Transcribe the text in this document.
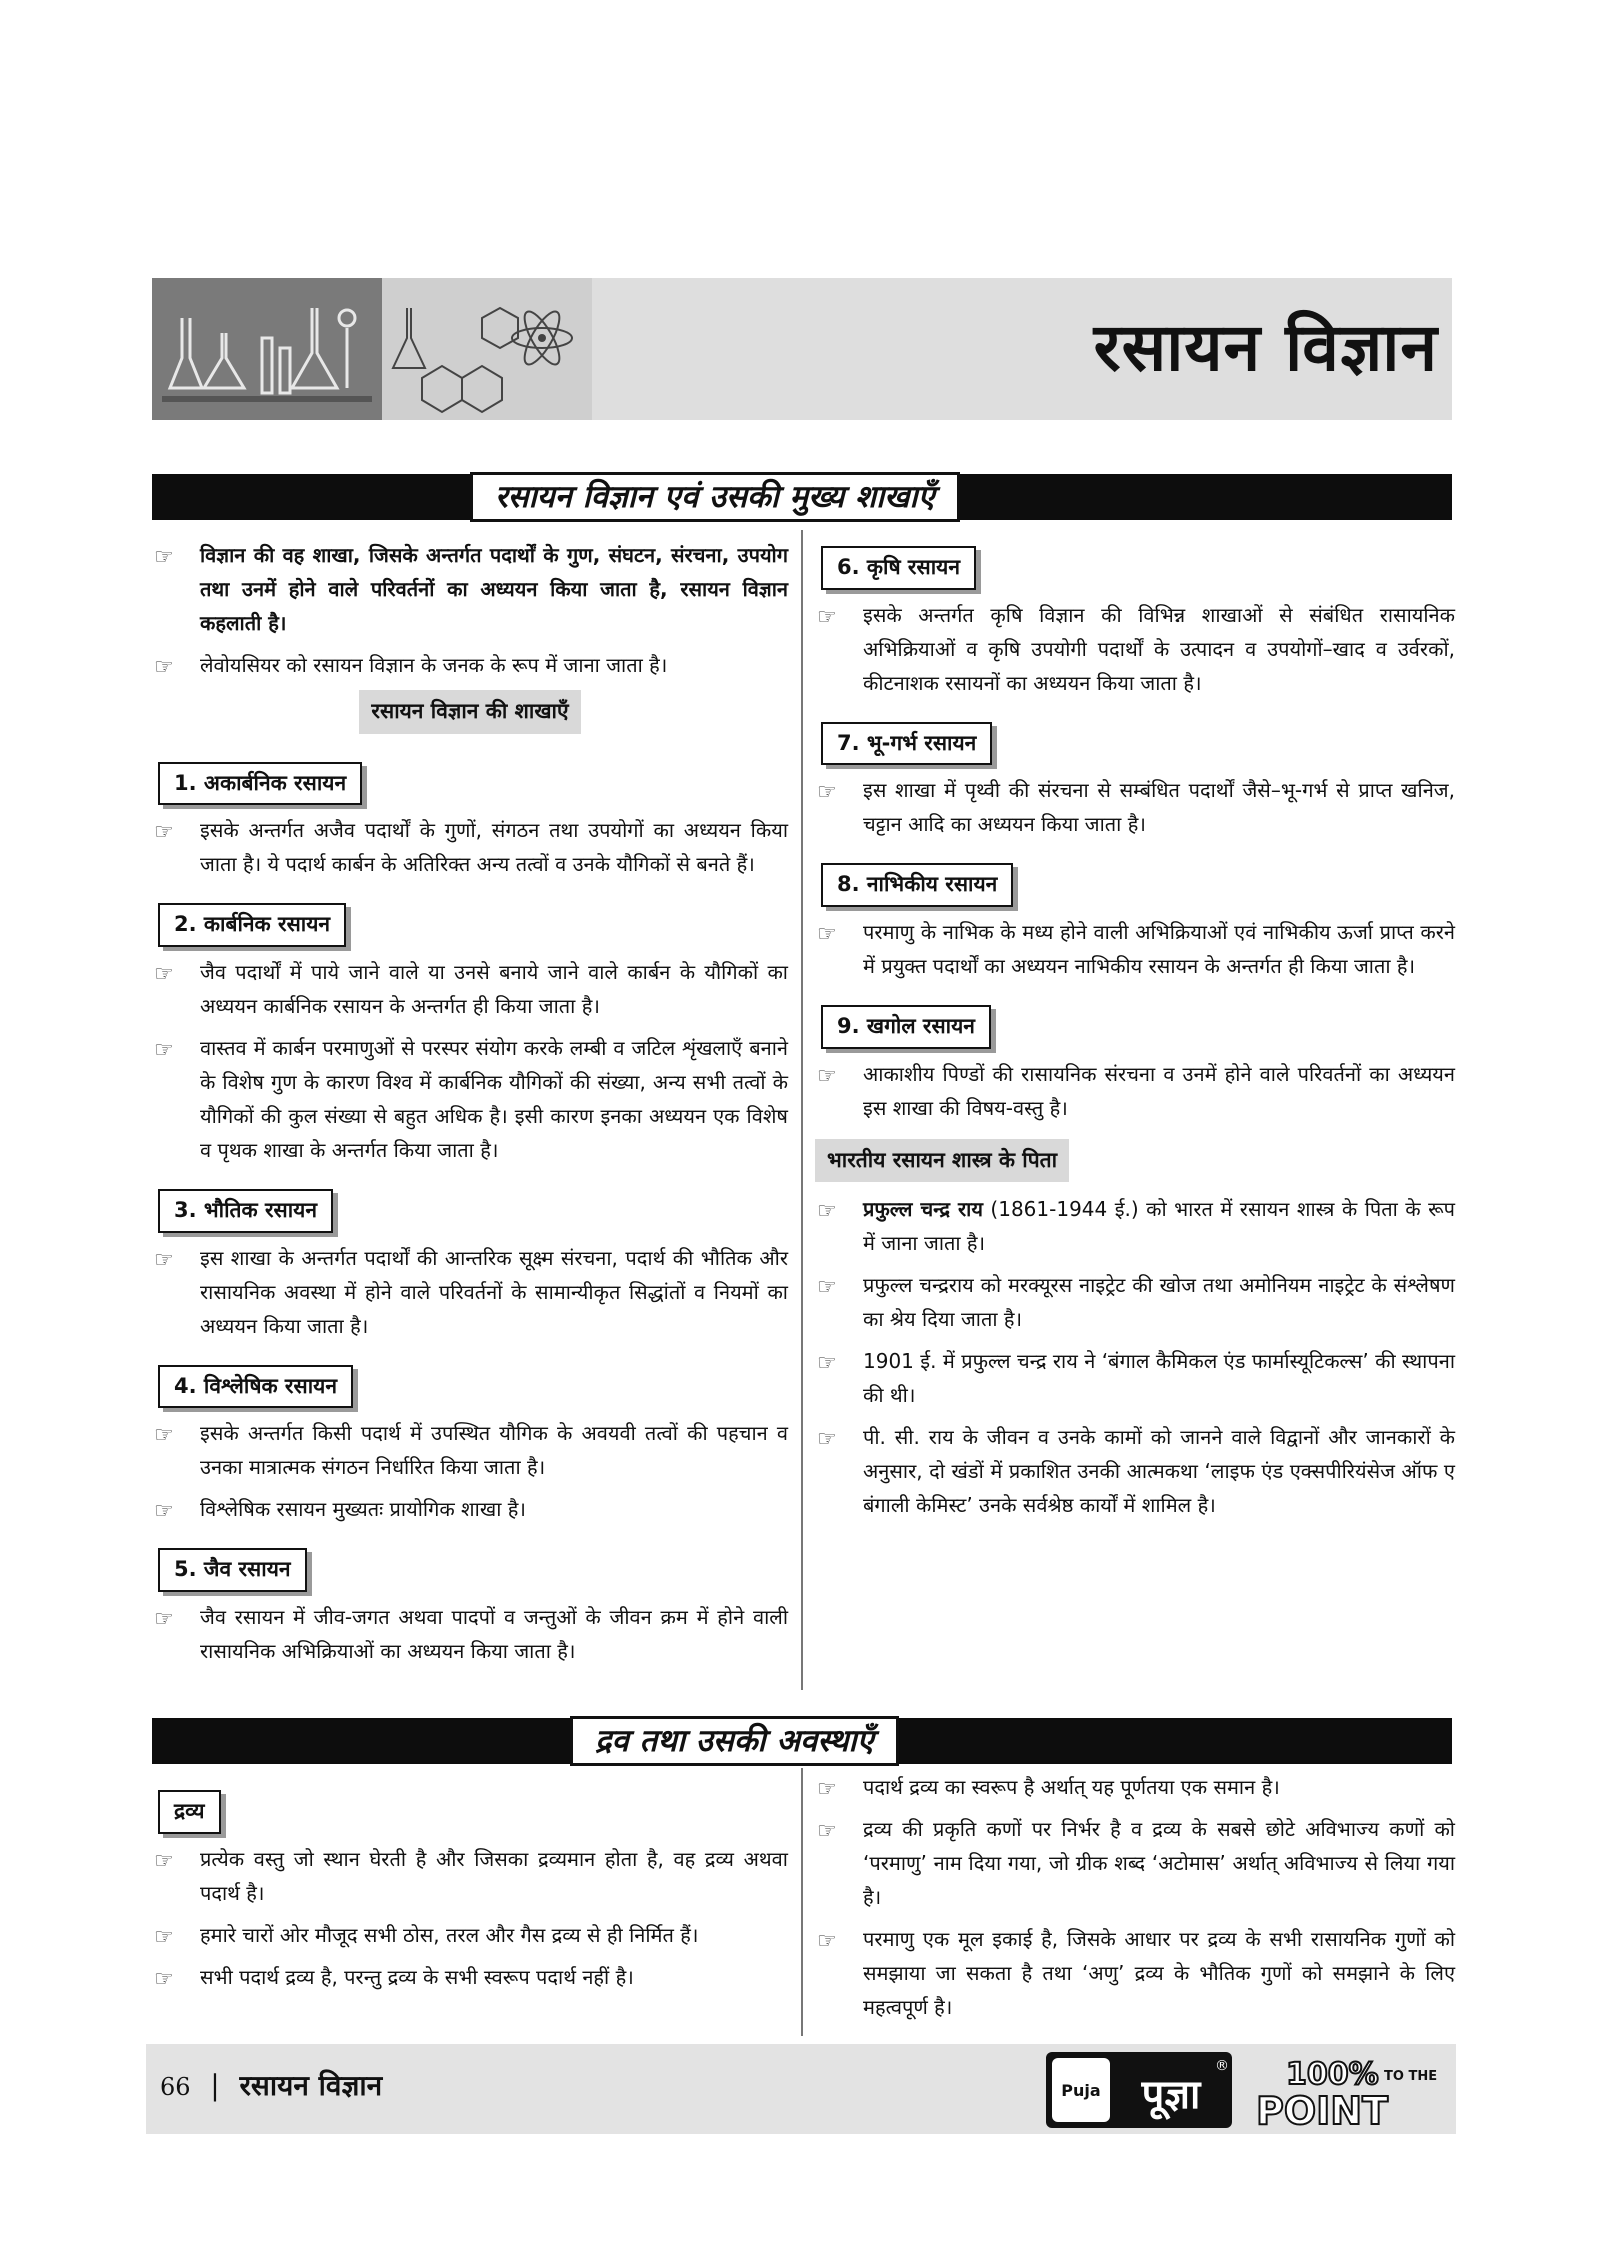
रसायन विज्ञान
रसायन विज्ञान एवं उसकी मुख्य शाखाएँ
☞ विज्ञान की वह शाखा, जिसके अन्तर्गत पदार्थों के गुण, संघटन, संरचना, उपयोग तथा उनमें होने वाले परिवर्तनों का अध्ययन किया जाता है, रसायन विज्ञान कहलाती है।
☞ लेवोयसियर को रसायन विज्ञान के जनक के रूप में जाना जाता है।
रसायन विज्ञान की शाखाएँ
1. अकार्बनिक रसायन
☞ इसके अन्तर्गत अजैव पदार्थों के गुणों, संगठन तथा उपयोगों का अध्ययन किया जाता है। ये पदार्थ कार्बन के अतिरिक्त अन्य तत्वों व उनके यौगिकों से बनते हैं।
2. कार्बनिक रसायन
☞ जैव पदार्थों में पाये जाने वाले या उनसे बनाये जाने वाले कार्बन के यौगिकों का अध्ययन कार्बनिक रसायन के अन्तर्गत ही किया जाता है।
☞ वास्तव में कार्बन परमाणुओं से परस्पर संयोग करके लम्बी व जटिल शृंखलाएँ बनाने के विशेष गुण के कारण विश्व में कार्बनिक यौगिकों की संख्या, अन्य सभी तत्वों के यौगिकों की कुल संख्या से बहुत अधिक है। इसी कारण इनका अध्ययन एक विशेष व पृथक शाखा के अन्तर्गत किया जाता है।
3. भौतिक रसायन
☞ इस शाखा के अन्तर्गत पदार्थों की आन्तरिक सूक्ष्म संरचना, पदार्थ की भौतिक और रासायनिक अवस्था में होने वाले परिवर्तनों के सामान्यीकृत सिद्धांतों व नियमों का अध्ययन किया जाता है।
4. विश्लेषिक रसायन
☞ इसके अन्तर्गत किसी पदार्थ में उपस्थित यौगिक के अवयवी तत्वों की पहचान व उनका मात्रात्मक संगठन निर्धारित किया जाता है।
☞ विश्लेषिक रसायन मुख्यतः प्रायोगिक शाखा है।
5. जैव रसायन
☞ जैव रसायन में जीव-जगत अथवा पादपों व जन्तुओं के जीवन क्रम में होने वाली रासायनिक अभिक्रियाओं का अध्ययन किया जाता है।
6. कृषि रसायन
☞ इसके अन्तर्गत कृषि विज्ञान की विभिन्न शाखाओं से संबंधित रासायनिक अभिक्रियाओं व कृषि उपयोगी पदार्थों के उत्पादन व उपयोगों–खाद व उर्वरकों, कीटनाशक रसायनों का अध्ययन किया जाता है।
7. भू-गर्भ रसायन
☞ इस शाखा में पृथ्वी की संरचना से सम्बंधित पदार्थों जैसे–भू-गर्भ से प्राप्त खनिज, चट्टान आदि का अध्ययन किया जाता है।
8. नाभिकीय रसायन
☞ परमाणु के नाभिक के मध्य होने वाली अभिक्रियाओं एवं नाभिकीय ऊर्जा प्राप्त करने में प्रयुक्त पदार्थों का अध्ययन नाभिकीय रसायन के अन्तर्गत ही किया जाता है।
9. खगोल रसायन
☞ आकाशीय पिण्डों की रासायनिक संरचना व उनमें होने वाले परिवर्तनों का अध्ययन इस शाखा की विषय-वस्तु है।
भारतीय रसायन शास्त्र के पिता
☞ प्रफुल्ल चन्द्र राय (1861-1944 ई.) को भारत में रसायन शास्त्र के पिता के रूप में जाना जाता है।
☞ प्रफुल्ल चन्द्रराय को मरक्यूरस नाइट्रेट की खोज तथा अमोनियम नाइट्रेट के संश्लेषण का श्रेय दिया जाता है।
☞ 1901 ई. में प्रफुल्ल चन्द्र राय ने ‘बंगाल कैमिकल एंड फार्मास्यूटिकल्स’ की स्थापना की थी।
☞ पी. सी. राय के जीवन व उनके कामों को जानने वाले विद्वानों और जानकारों के अनुसार, दो खंडों में प्रकाशित उनकी आत्मकथा ‘लाइफ एंड एक्सपीरियंसेज ऑफ ए बंगाली केमिस्ट’ उनके सर्वश्रेष्ठ कार्यों में शामिल है।
द्रव तथा उसकी अवस्थाएँ
द्रव्य
☞ प्रत्येक वस्तु जो स्थान घेरती है और जिसका द्रव्यमान होता है, वह द्रव्य अथवा पदार्थ है।
☞ हमारे चारों ओर मौजूद सभी ठोस, तरल और गैस द्रव्य से ही निर्मित हैं।
☞ सभी पदार्थ द्रव्य है, परन्तु द्रव्य के सभी स्वरूप पदार्थ नहीं है।
☞ पदार्थ द्रव्य का स्वरूप है अर्थात् यह पूर्णतया एक समान है।
☞ द्रव्य की प्रकृति कणों पर निर्भर है व द्रव्य के सबसे छोटे अविभाज्य कणों को ‘परमाणु’ नाम दिया गया, जो ग्रीक शब्द ‘अटोमास’ अर्थात् अविभाज्य से लिया गया है।
☞ परमाणु एक मूल इकाई है, जिसके आधार पर द्रव्य के सभी रासायनिक गुणों को समझाया जा सकता है तथा ‘अणु’ द्रव्य के भौतिक गुणों को समझाने के लिए महत्वपूर्ण है।
66 | रसायन विज्ञान	Puja पूज्ञा
® 100% TO THE
POINT
